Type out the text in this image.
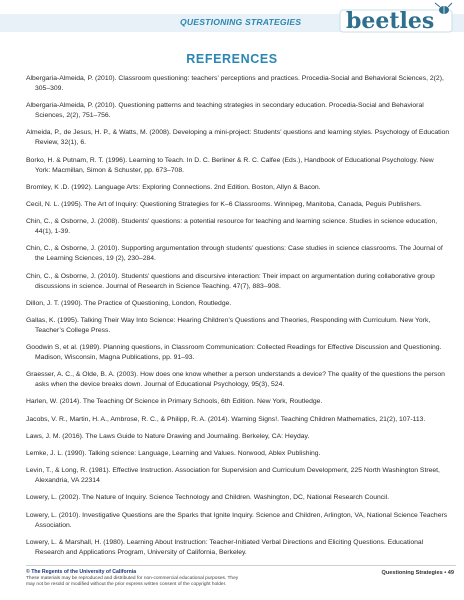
QUESTIONING STRATEGIES beetles
REFERENCES
Albergaria-Almeida, P. (2010). Classroom questioning: teachers’ perceptions and practices. Procedia-Social and Behavioral Sciences, 2(2), 305–309.
Albergaria-Almeida, P. (2010). Questioning patterns and teaching strategies in secondary education. Procedia-Social and Behavioral Sciences, 2(2), 751–756.
Almeida, P., de Jesus, H. P., & Watts, M. (2008). Developing a mini-project: Students’ questions and learning styles. Psychology of Education Review, 32(1), 6.
Borko, H. & Putnam, R. T. (1996). Learning to Teach. In D. C. Berliner & R. C. Calfee (Eds.), Handbook of Educational Psychology. New York: Macmillan, Simon & Schuster, pp. 673–708.
Bromley, K .D. (1992). Language Arts: Exploring Connections. 2nd Edition. Boston, Allyn & Bacon.
Cecil, N. L. (1995). The Art of Inquiry: Questioning Strategies for K–6 Classrooms. Winnipeg, Manitoba, Canada, Peguis Publishers.
Chin, C., & Osborne, J. (2008). Students’ questions: a potential resource for teaching and learning science. Studies in science education, 44(1), 1-39.
Chin, C., & Osborne, J. (2010). Supporting argumentation through students’ questions: Case studies in science classrooms. The Journal of the Learning Sciences, 19 (2), 230–284.
Chin, C., & Osborne, J. (2010). Students’ questions and discursive interaction: Their impact on argumentation during collaborative group discussions in science. Journal of Research in Science Teaching. 47(7), 883–908.
Dillon, J. T. (1990). The Practice of Questioning, London, Routledge.
Gallas, K. (1995). Talking Their Way Into Science: Hearing Children’s Questions and Theories, Responding with Curriculum. New York, Teacher’s College Press.
Goodwin S, et al. (1989). Planning questions, in Classroom Communication: Collected Readings for Effective Discussion and Questioning. Madison, Wisconsin, Magna Publications, pp. 91–93.
Graesser, A. C., & Olde, B. A. (2003). How does one know whether a person understands a device? The quality of the questions the person asks when the device breaks down. Journal of Educational Psychology, 95(3), 524.
Harlen, W. (2014). The Teaching Of Science in Primary Schools, 6th Edition. New York, Routledge.
Jacobs, V. R., Martin, H. A., Ambrose, R. C., & Philipp, R. A. (2014). Warning Signs!. Teaching Children Mathematics, 21(2), 107-113.
Laws, J. M. (2016). The Laws Guide to Nature Drawing and Journaling. Berkeley, CA: Heyday.
Lemke, J. L. (1990). Talking science: Language, Learning and Values. Norwood, Ablex Publishing.
Levin, T., & Long, R. (1981). Effective Instruction. Association for Supervision and Curriculum Development, 225 North Washington Street, Alexandria, VA 22314
Lowery, L. (2002). The Nature of Inquiry. Science Technology and Children. Washington, DC, National Research Council.
Lowery, L. (2010). Investigative Questions are the Sparks that Ignite Inquiry. Science and Children, Arlington, VA, National Science Teachers Association.
Lowery, L. & Marshall, H. (1980). Learning About Instruction: Teacher-Initiated Verbal Directions and Eliciting Questions. Educational Research and Applications Program, University of California, Berkeley.
© The Regents of the University of California
These materials may be reproduced and distributed for non-commercial educational purposes. They
may not be resold or modified without the prior express written consent of the copyright holder.
Questioning Strategies • 49
